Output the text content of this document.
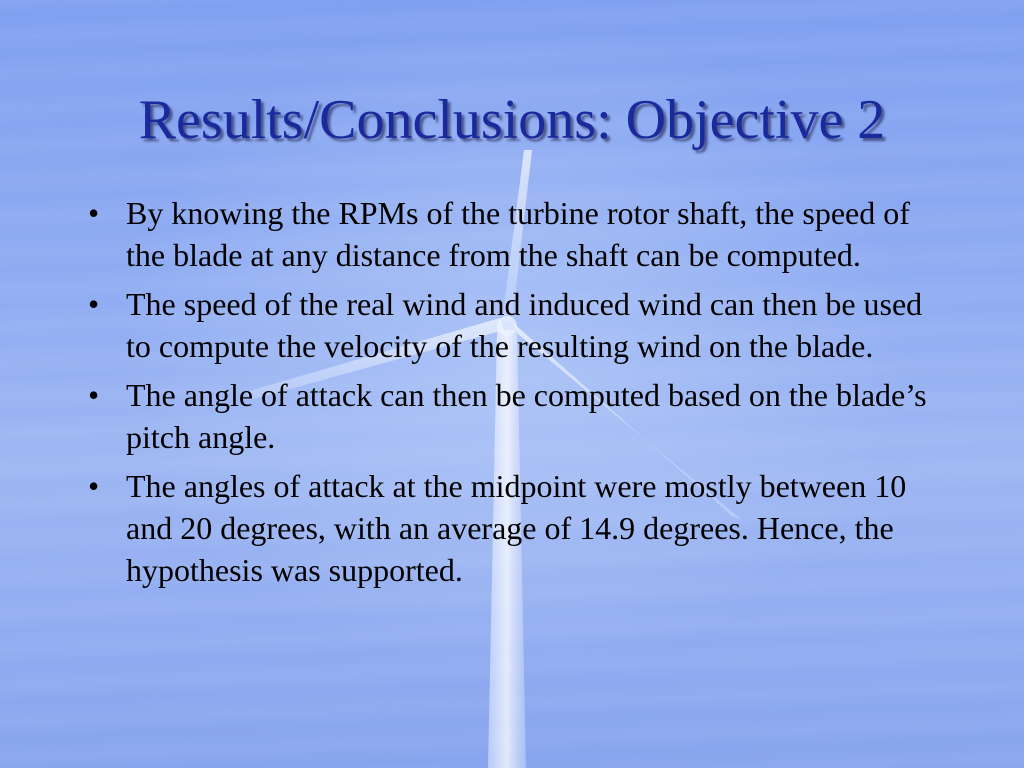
Results/Conclusions: Objective 2
• By knowing the RPMs of the turbine rotor shaft, the speed of the blade at any distance from the shaft can be computed.
• The speed of the real wind and induced wind can then be used to compute the velocity of the resulting wind on the blade.
• The angle of attack can then be computed based on the blade’s pitch angle.
• The angles of attack at the midpoint were mostly between 10 and 20 degrees, with an average of 14.9 degrees. Hence, the hypothesis was supported.
